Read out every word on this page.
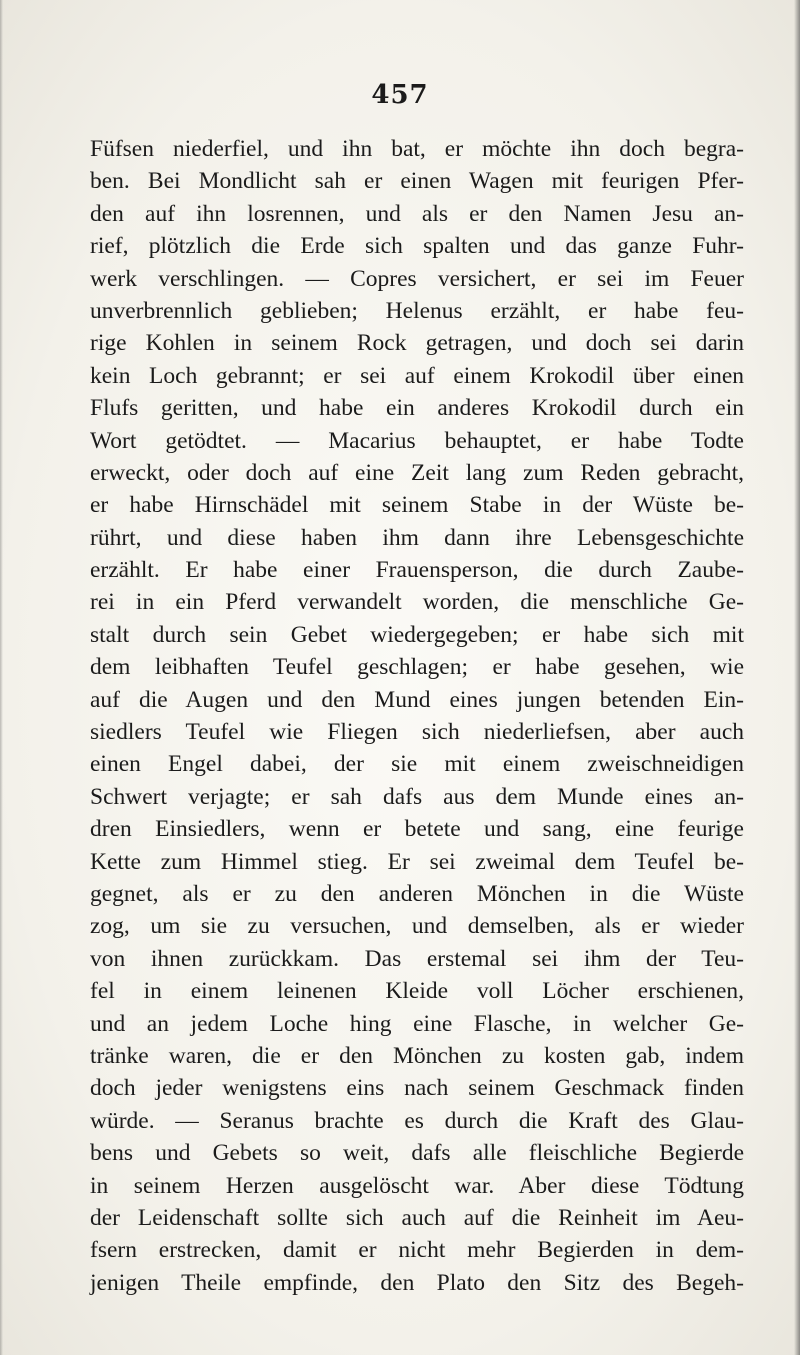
457
Füfsen niederfiel, und ihn bat, er möchte ihn doch begra-
ben. Bei Mondlicht sah er einen Wagen mit feurigen Pfer-
den auf ihn losrennen, und als er den Namen Jesu an-
rief, plötzlich die Erde sich spalten und das ganze Fuhr-
werk verschlingen. — Copres versichert, er sei im Feuer
unverbrennlich geblieben; Helenus erzählt, er habe feu-
rige Kohlen in seinem Rock getragen, und doch sei darin
kein Loch gebrannt; er sei auf einem Krokodil über einen
Flufs geritten, und habe ein anderes Krokodil durch ein
Wort getödtet. — Macarius behauptet, er habe Todte
erweckt, oder doch auf eine Zeit lang zum Reden gebracht,
er habe Hirnschädel mit seinem Stabe in der Wüste be-
rührt, und diese haben ihm dann ihre Lebensgeschichte
erzählt. Er habe einer Frauensperson, die durch Zaube-
rei in ein Pferd verwandelt worden, die menschliche Ge-
stalt durch sein Gebet wiedergegeben; er habe sich mit
dem leibhaften Teufel geschlagen; er habe gesehen, wie
auf die Augen und den Mund eines jungen betenden Ein-
siedlers Teufel wie Fliegen sich niederliefsen, aber auch
einen Engel dabei, der sie mit einem zweischneidigen
Schwert verjagte; er sah dafs aus dem Munde eines an-
dren Einsiedlers, wenn er betete und sang, eine feurige
Kette zum Himmel stieg. Er sei zweimal dem Teufel be-
gegnet, als er zu den anderen Mönchen in die Wüste
zog, um sie zu versuchen, und demselben, als er wieder
von ihnen zurückkam. Das erstemal sei ihm der Teu-
fel in einem leinenen Kleide voll Löcher erschienen,
und an jedem Loche hing eine Flasche, in welcher Ge-
tränke waren, die er den Mönchen zu kosten gab, indem
doch jeder wenigstens eins nach seinem Geschmack finden
würde. — Seranus brachte es durch die Kraft des Glau-
bens und Gebets so weit, dafs alle fleischliche Begierde
in seinem Herzen ausgelöscht war. Aber diese Tödtung
der Leidenschaft sollte sich auch auf die Reinheit im Aeu-
fsern erstrecken, damit er nicht mehr Begierden in dem-
jenigen Theile empfinde, den Plato den Sitz des Begeh-
